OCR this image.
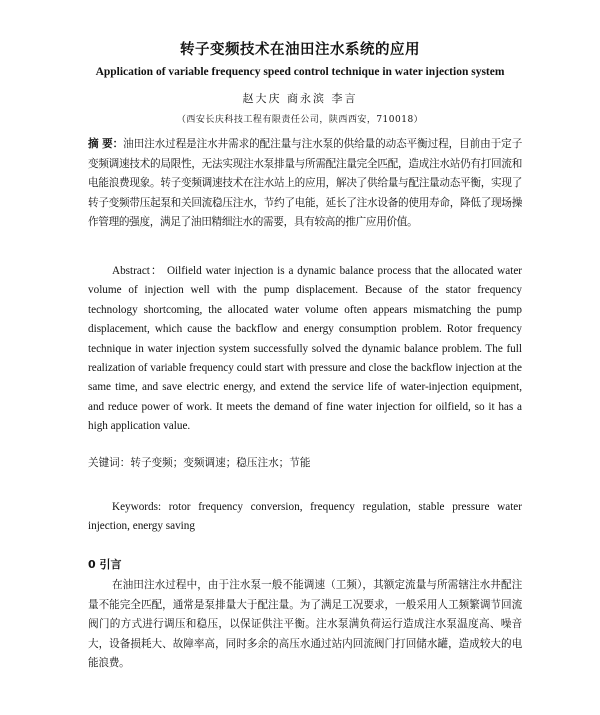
转子变频技术在油田注水系统的应用
Application of variable frequency speed control technique in water injection system
赵大庆 商永滨 李言
（西安长庆科技工程有限责任公司，陕西西安，710018）

摘 要：油田注水过程是注水井需求的配注量与注水泵的供给量的动态平衡过程，目前由于定子变频调速技术的局限性，无法实现注水泵排量与所需配注量完全匹配，造成注水站仍有打回流和电能浪费现象。转子变频调速技术在注水站上的应用，解决了供给量与配注量动态平衡，实现了转子变频带压起泵和关回流稳压注水，节约了电能，延长了注水设备的使用寿命，降低了现场操作管理的强度，满足了油田精细注水的需要，具有较高的推广应用价值。

Abstract： Oilfield water injection is a dynamic balance process that the allocated water volume of injection well with the pump displacement. Because of the stator frequency technology shortcoming, the allocated water volume often appears mismatching the pump displacement, which cause the backflow and energy consumption problem. Rotor frequency technique in water injection system successfully solved the dynamic balance problem. The full realization of variable frequency could start with pressure and close the backflow injection at the same time, and save electric energy, and extend the service life of water-injection equipment, and reduce power of work. It meets the demand of fine water injection for oilfield, so it has a high application value.

关键词：转子变频；变频调速；稳压注水；节能

Keywords: rotor frequency conversion, frequency regulation, stable pressure water injection, energy saving

0 引言

在油田注水过程中，由于注水泵一般不能调速（工频），其额定流量与所需辖注水井配注量不能完全匹配，通常是泵排量大于配注量。为了满足工况要求，一般采用人工频繁调节回流阀门的方式进行调压和稳压，以保证供注平衡。注水泵满负荷运行造成注水泵温度高、噪音大，设备损耗大、故障率高，同时多余的高压水通过站内回流阀门打回储水罐，造成较大的电能浪费。
